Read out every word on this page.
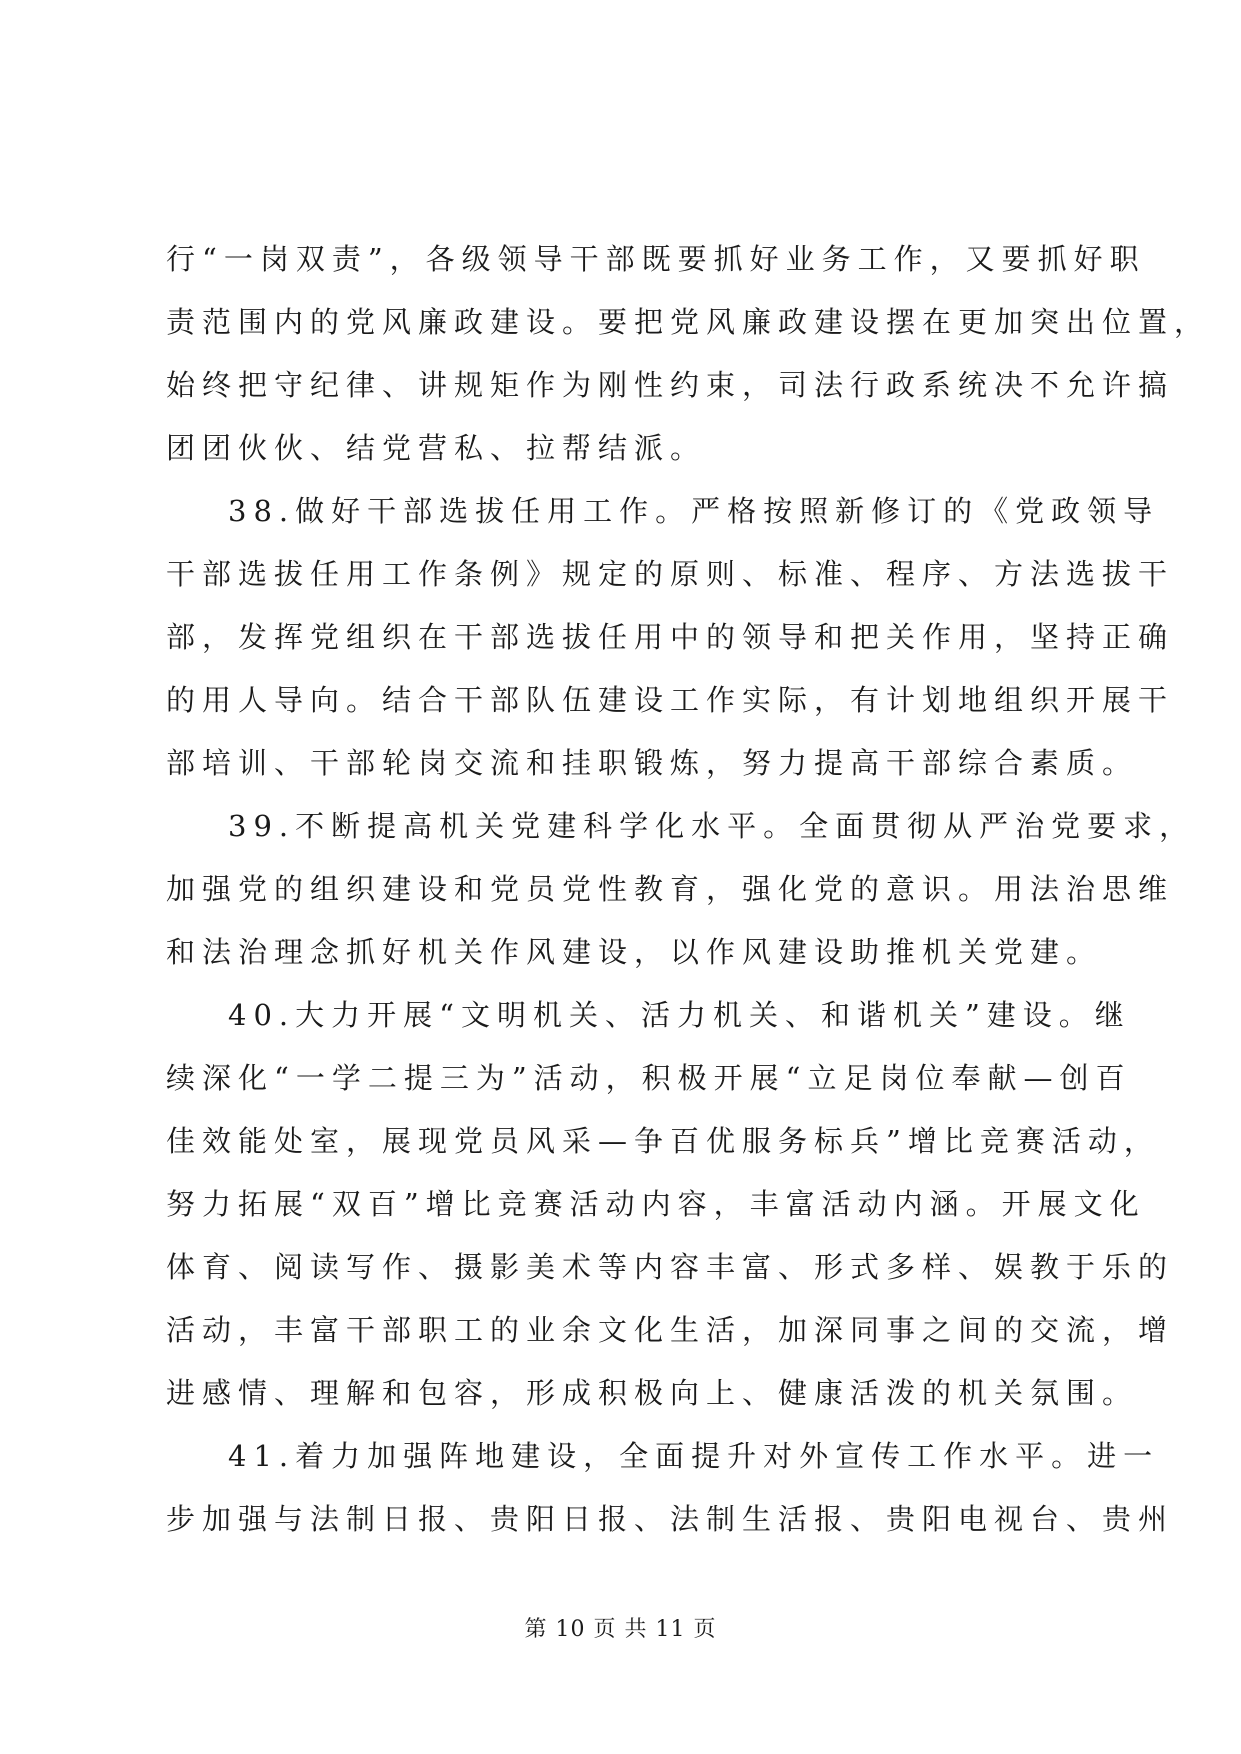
行“一岗双责”，各级领导干部既要抓好业务工作，又要抓好职
责范围内的党风廉政建设。要把党风廉政建设摆在更加突出位置，
始终把守纪律、讲规矩作为刚性约束，司法行政系统决不允许搞
团团伙伙、结党营私、拉帮结派。
38.做好干部选拔任用工作。严格按照新修订的《党政领导
干部选拔任用工作条例》规定的原则、标准、程序、方法选拔干
部，发挥党组织在干部选拔任用中的领导和把关作用，坚持正确
的用人导向。结合干部队伍建设工作实际，有计划地组织开展干
部培训、干部轮岗交流和挂职锻炼，努力提高干部综合素质。
39.不断提高机关党建科学化水平。全面贯彻从严治党要求，
加强党的组织建设和党员党性教育，强化党的意识。用法治思维
和法治理念抓好机关作风建设，以作风建设助推机关党建。
40.大力开展“文明机关、活力机关、和谐机关”建设。继
续深化“一学二提三为”活动，积极开展“立足岗位奉献—创百
佳效能处室，展现党员风采—争百优服务标兵”增比竞赛活动，
努力拓展“双百”增比竞赛活动内容，丰富活动内涵。开展文化
体育、阅读写作、摄影美术等内容丰富、形式多样、娱教于乐的
活动，丰富干部职工的业余文化生活，加深同事之间的交流，增
进感情、理解和包容，形成积极向上、健康活泼的机关氛围。
41.着力加强阵地建设，全面提升对外宣传工作水平。进一
步加强与法制日报、贵阳日报、法制生活报、贵阳电视台、贵州
第 10 页 共 11 页
